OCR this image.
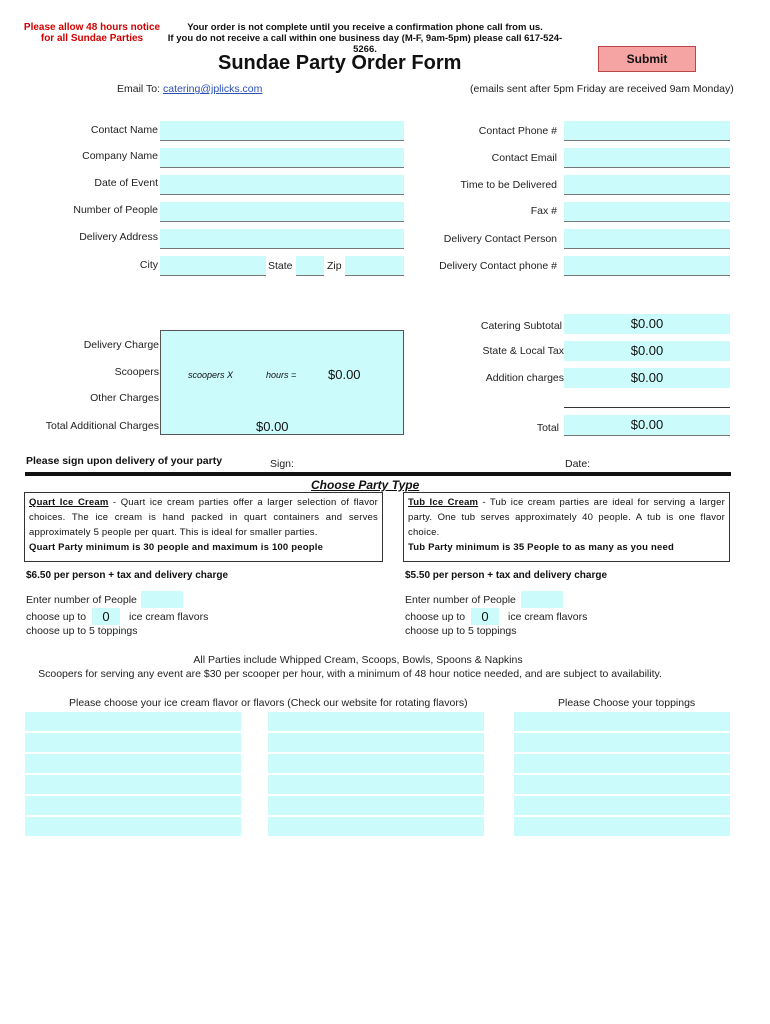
Please allow 48 hours notice
for all Sundae Parties
Your order is not complete until you receive a confirmation phone call from us.
If you do not receive a call within one business day (M-F, 9am-5pm) please call 617-524-5266.
Submit
Sundae Party Order Form
Email To: catering@jplicks.com	(emails sent after 5pm Friday are received 9am Monday)
Contact Name
Company Name
Date of Event
Number of People
Delivery Address
City	State	Zip
Contact Phone #
Contact Email
Time to be Delivered
Fax #
Delivery Contact Person
Delivery Contact phone #
Delivery Charge
Scoopers	scoopers X	hours = $0.00
Other Charges
Total Additional Charges	$0.00
Catering Subtotal	$0.00
State & Local Tax	$0.00
Addition charges	$0.00
Total	$0.00
Please sign upon delivery of your party	Sign:	Date:
Choose Party Type
Quart Ice Cream - Quart ice cream parties offer a larger selection of flavor choices. The ice cream is hand packed in quart containers and serves approximately 5 people per quart. This is ideal for smaller parties.
Quart Party minimum is 30 people and maximum is 100 people
Tub Ice Cream - Tub ice cream parties are ideal for serving a larger party. One tub serves approximately 40 people. A tub is one flavor choice.
Tub Party minimum is 35 People to as many as you need
$6.50 per person + tax and delivery charge	$5.50 per person + tax and delivery charge
Enter number of People
choose up to	0	ice cream flavors
choose up to 5 toppings
Enter number of People
choose up to	0	ice cream flavors
choose up to 5 toppings
All Parties include Whipped Cream, Scoops, Bowls, Spoons & Napkins
Scoopers for serving any event are $30 per scooper per hour, with a minimum of 48 hour notice needed, and are subject to availability.
Please choose your ice cream flavor or flavors (Check our website for rotating flavors)	Please Choose your toppings
